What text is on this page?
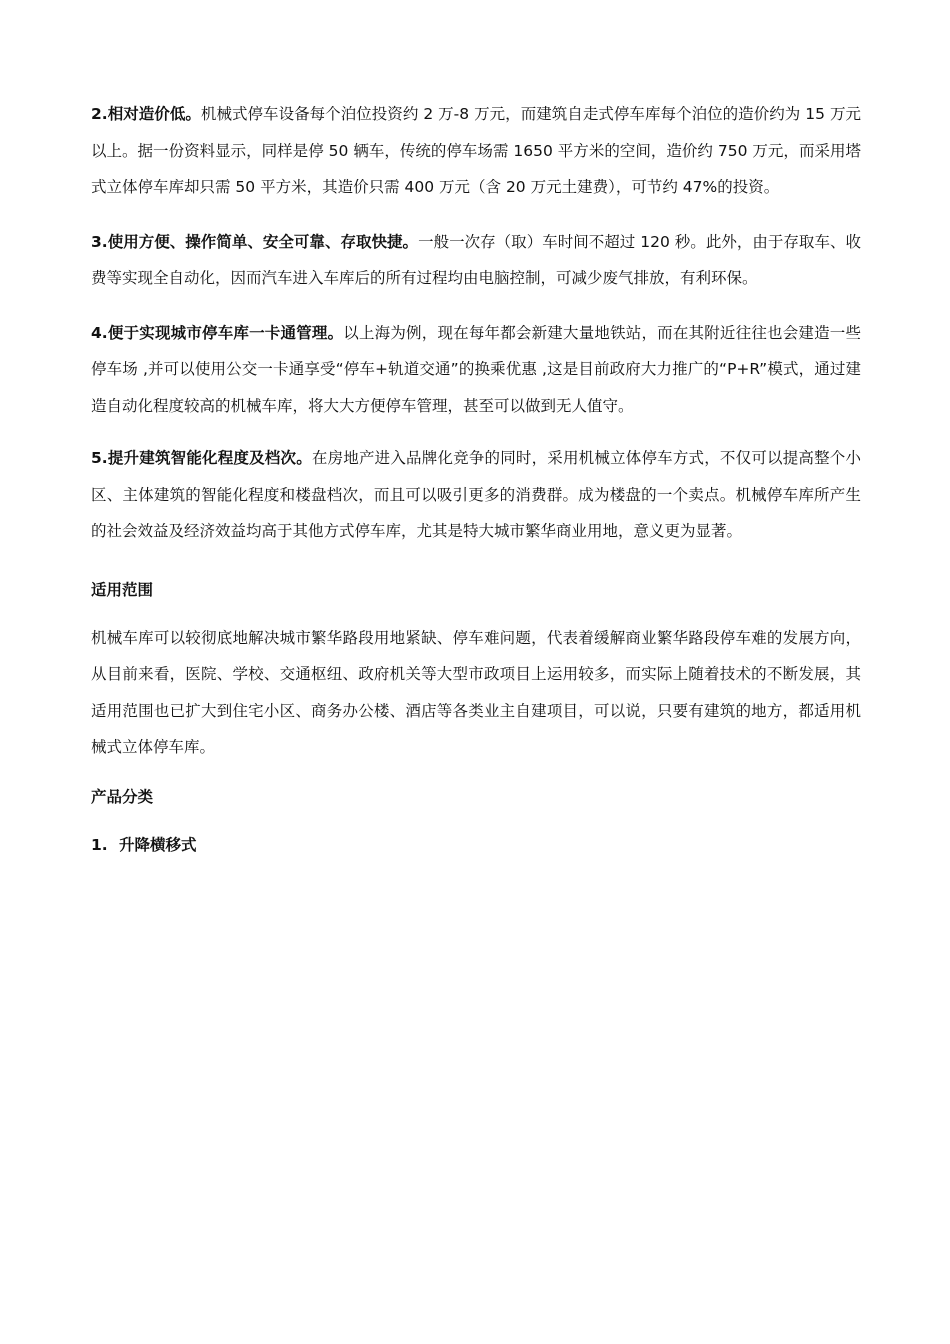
2.相对造价低。机械式停车设备每个泊位投资约 2 万-8 万元，而建筑自走式停车库每个泊位的造价约为 15 万元以上。据一份资料显示，同样是停 50 辆车，传统的停车场需 1650 平方米的空间，造价约 750 万元，而采用塔式立体停车库却只需 50 平方米，其造价只需 400 万元（含 20 万元土建费），可节约 47%的投资。

3.使用方便、操作简单、安全可靠、存取快捷。一般一次存（取）车时间不超过 120 秒。此外，由于存取车、收费等实现全自动化，因而汽车进入车库后的所有过程均由电脑控制，可减少废气排放，有利环保。

4.便于实现城市停车库一卡通管理。以上海为例，现在每年都会新建大量地铁站，而在其附近往往也会建造一些停车场 ,并可以使用公交一卡通享受“停车+轨道交通”的换乘优惠 ,这是目前政府大力推广的“P+R”模式，通过建造自动化程度较高的机械车库，将大大方便停车管理，甚至可以做到无人值守。

5.提升建筑智能化程度及档次。在房地产进入品牌化竞争的同时，采用机械立体停车方式，不仅可以提高整个小区、主体建筑的智能化程度和楼盘档次，而且可以吸引更多的消费群。成为楼盘的一个卖点。机械停车库所产生的社会效益及经济效益均高于其他方式停车库，尤其是特大城市繁华商业用地，意义更为显著。

适用范围

机械车库可以较彻底地解决城市繁华路段用地紧缺、停车难问题，代表着缓解商业繁华路段停车难的发展方向，从目前来看，医院、学校、交通枢纽、政府机关等大型市政项目上运用较多，而实际上随着技术的不断发展，其适用范围也已扩大到住宅小区、商务办公楼、酒店等各类业主自建项目，可以说，只要有建筑的地方，都适用机械式立体停车库。

产品分类
1. 升降横移式
